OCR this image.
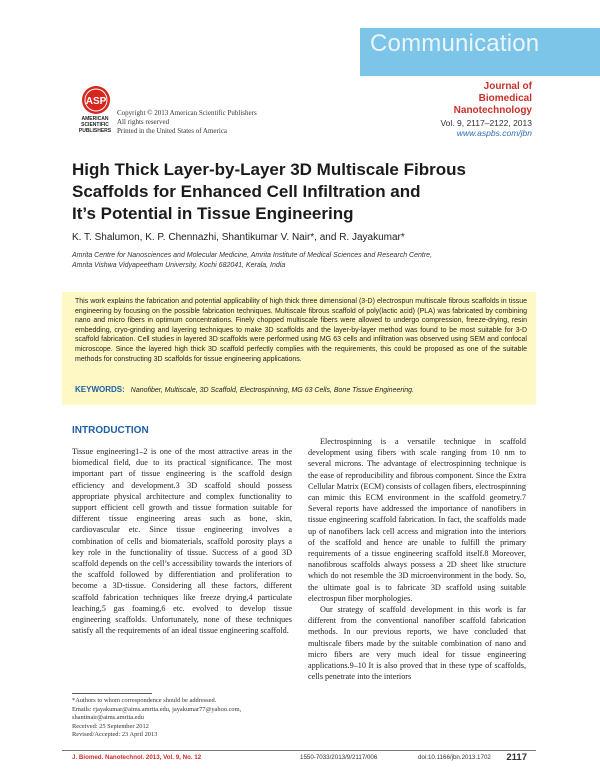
Communication
Journal of
Biomedical
Nanotechnology
Vol. 9, 2117–2122, 2013
www.aspbs.com/jbn
ASP
AMERICAN
SCIENTIFIC
PUBLISHERS
Copyright © 2013 American Scientific Publishers
All rights reserved
Printed in the United States of America
High Thick Layer-by-Layer 3D Multiscale Fibrous
Scaffolds for Enhanced Cell Infiltration and
It’s Potential in Tissue Engineering
K. T. Shalumon, K. P. Chennazhi, Shantikumar V. Nair*, and R. Jayakumar*
Amrita Centre for Nanosciences and Molecular Medicine, Amrita Institute of Medical Sciences and Research Centre,
Amrita Vishwa Vidyapeetham University, Kochi 682041, Kerala, India
This work explains the fabrication and potential applicability of high thick three dimensional (3-D) electrospun multiscale fibrous scaffolds in tissue engineering by focusing on the possible fabrication techniques. Multiscale fibrous scaffold of poly(lactic acid) (PLA) was fabricated by combining nano and micro fibers in optimum concentrations. Finely chopped multiscale fibers were allowed to undergo compression, freeze-drying, resin embedding, cryo-grinding and layering techniques to make 3D scaffolds and the layer-by-layer method was found to be most suitable for 3-D scaffold fabrication. Cell studies in layered 3D scaffolds were performed using MG 63 cells and infiltration was observed using SEM and confocal microscope. Since the layered high thick 3D scaffold perfectly complies with the requirements, this could be proposed as one of the suitable methods for constructing 3D scaffolds for tissue engineering applications.
KEYWORDS: Nanofiber, Multiscale, 3D Scaffold, Electrospinning, MG 63 Cells, Bone Tissue Engineering.
INTRODUCTION

Tissue engineering1–2 is one of the most attractive areas in the biomedical field, due to its practical significance. The most important part of tissue engineering is the scaffold design efficiency and development.3 3D scaffold should possess appropriate physical architecture and complex functionality to support efficient cell growth and tissue formation suitable for different tissue engineering areas such as bone, skin, cardiovascular etc. Since tissue engineering involves a combination of cells and biomaterials, scaffold porosity plays a key role in the functionality of tissue. Success of a good 3D scaffold depends on the cell’s accessibility towards the interiors of the scaffold followed by differentiation and proliferation to become a 3D-tissue. Considering all these factors, different scaffold fabrication techniques like freeze drying,4 particulate leaching,5 gas foaming,6 etc. evolved to develop tissue engineering scaffolds. Unfortunately, none of these techniques satisfy all the requirements of an ideal tissue engineering scaffold.

Electrospinning is a versatile technique in scaffold development using fibers with scale ranging from 10 nm to several microns. The advantage of electrospinning technique is the ease of reproducibility and fibrous component. Since the Extra Cellular Matrix (ECM) consists of collagen fibers, electrospinning can mimic this ECM environment in the scaffold geometry.7 Several reports have addressed the importance of nanofibers in tissue engineering scaffold fabrication. In fact, the scaffolds made up of nanofibers lack cell access and migration into the interiors of the scaffold and hence are unable to fulfill the primary requirements of a tissue engineering scaffold itself.8 Moreover, nanofibrous scaffolds always possess a 2D sheet like structure which do not resemble the 3D microenvironment in the body. So, the ultimate goal is to fabricate 3D scaffold using suitable electrospun fiber morphologies.

Our strategy of scaffold development in this work is far different from the conventional nanofiber scaffold fabrication methods. In our previous reports, we have concluded that multiscale fibers made by the suitable combination of nano and micro fibers are very much ideal for tissue engineering applications.9–10 It is also proved that in these type of scaffolds, cells penetrate into the interiors

*Authors to whom correspondence should be addressed.
Emails: rjayakumar@aims.amrita.edu, jayakumar77@yahoo.com,
shantinair@aims.amrita.edu
Received: 25 September 2012
Revised/Accepted: 23 April 2013
J. Biomed. Nanotechnol. 2013, Vol. 9, No. 12	1550-7033/2013/9/2117/006	doi:10.1166/jbn.2013.1702 2117
